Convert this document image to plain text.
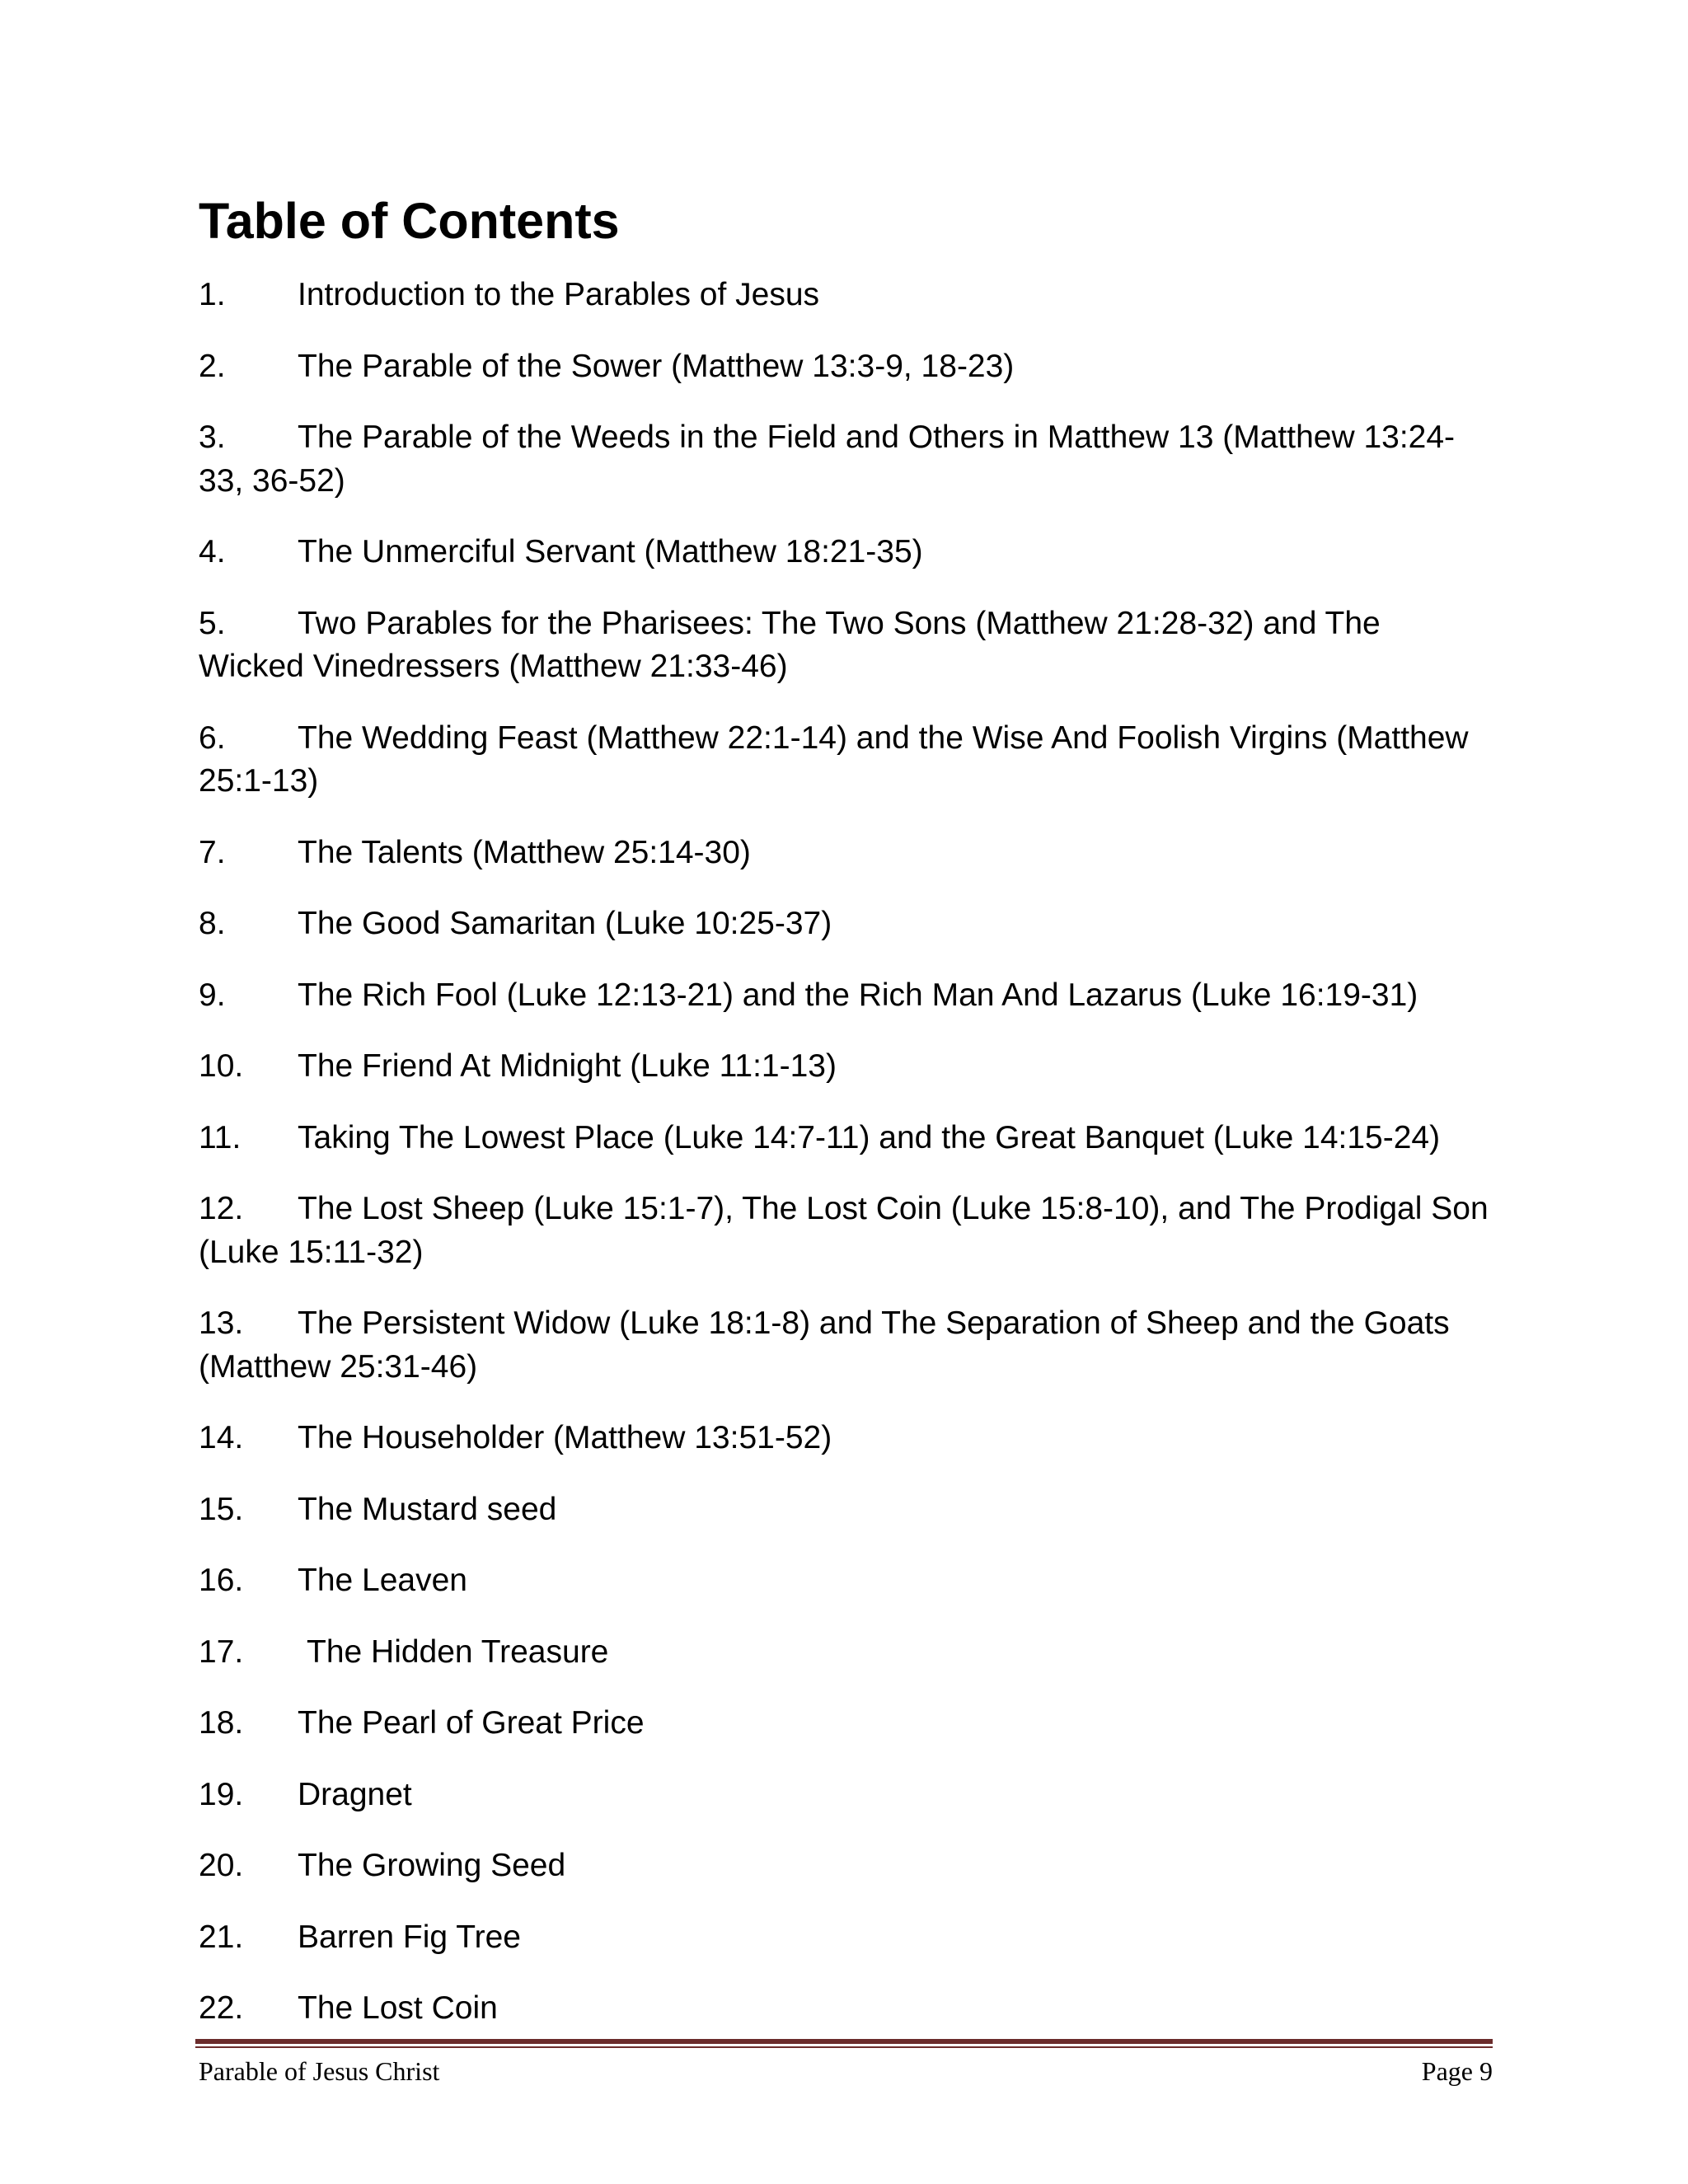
Table of Contents
1. Introduction to the Parables of Jesus
2. The Parable of the Sower (Matthew 13:3-9, 18-23)
3. The Parable of the Weeds in the Field and Others in Matthew 13 (Matthew 13:24-33, 36-52)
4. The Unmerciful Servant (Matthew 18:21-35)
5. Two Parables for the Pharisees: The Two Sons (Matthew 21:28-32) and The Wicked Vinedressers (Matthew 21:33-46)
6. The Wedding Feast (Matthew 22:1-14) and the Wise And Foolish Virgins (Matthew 25:1-13)
7. The Talents (Matthew 25:14-30)
8. The Good Samaritan (Luke 10:25-37)
9. The Rich Fool (Luke 12:13-21) and the Rich Man And Lazarus (Luke 16:19-31)
10. The Friend At Midnight (Luke 11:1-13)
11. Taking The Lowest Place (Luke 14:7-11) and the Great Banquet (Luke 14:15-24)
12. The Lost Sheep (Luke 15:1-7), The Lost Coin (Luke 15:8-10), and The Prodigal Son (Luke 15:11-32)
13. The Persistent Widow (Luke 18:1-8) and The Separation of Sheep and the Goats (Matthew 25:31-46)
14. The Householder (Matthew 13:51-52)
15. The Mustard seed
16. The Leaven
17. The Hidden Treasure
18. The Pearl of Great Price
19. Dragnet
20. The Growing Seed
21. Barren Fig Tree
22. The Lost Coin
Parable of Jesus Christ	Page 9
